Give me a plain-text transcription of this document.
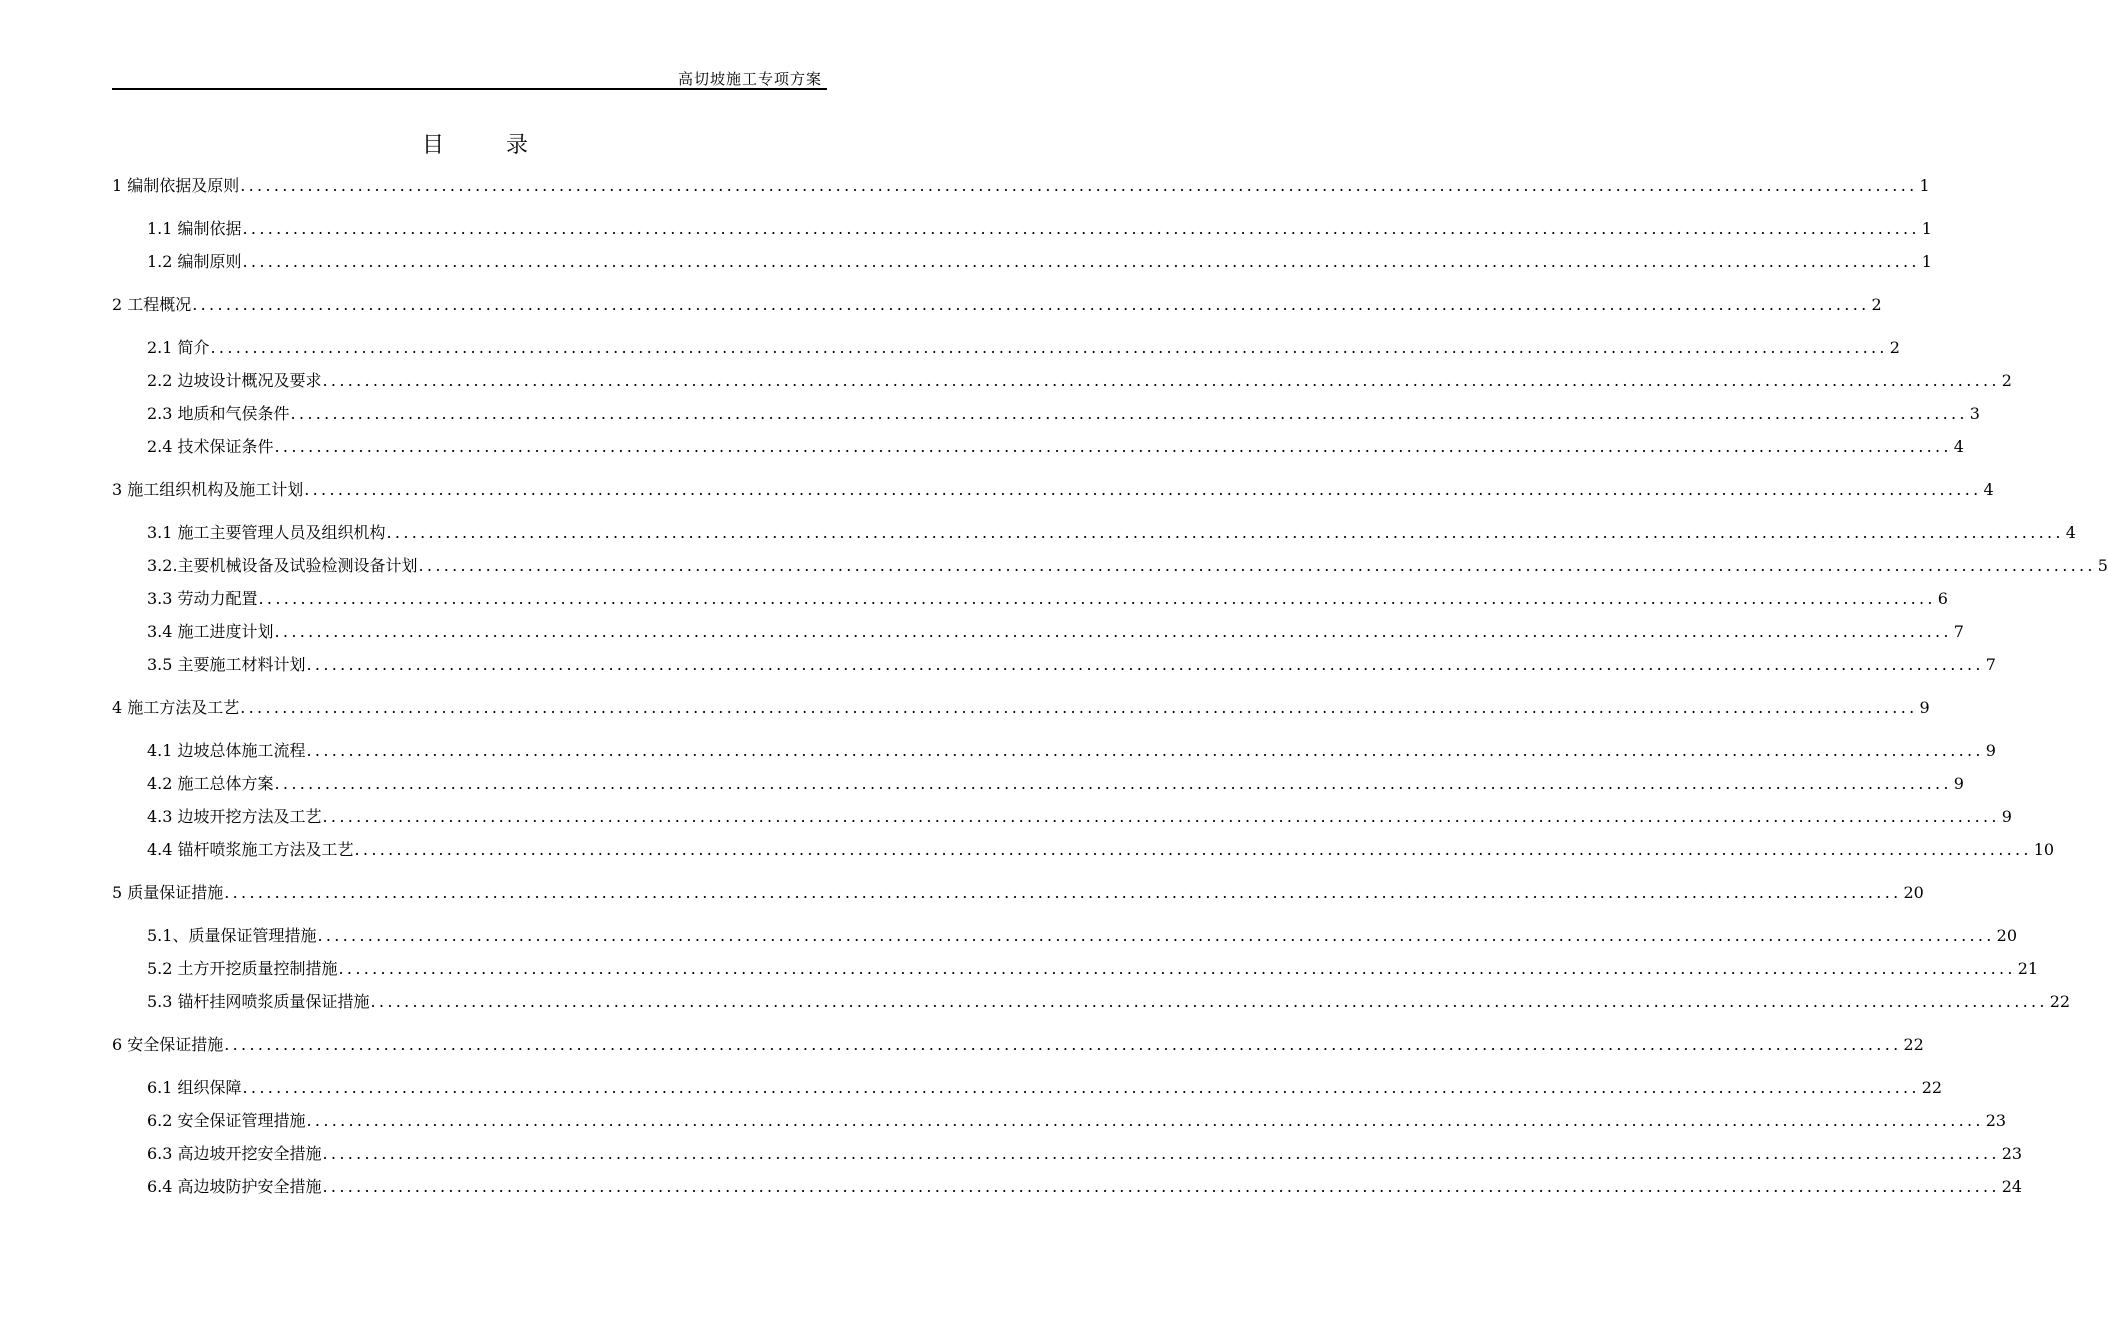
高切坡施工专项方案
目录
1 编制依据及原则 ........................................................................................................................................................................................................ 1
1.1 编制依据 ........................................................................................................................................................................................................ 1
1.2 编制原则 ........................................................................................................................................................................................................ 1
2 工程概况 ........................................................................................................................................................................................................ 2
2.1 简介 ........................................................................................................................................................................................................ 2
2.2 边坡设计概况及要求 ........................................................................................................................................................................................................ 2
2.3 地质和气侯条件 ........................................................................................................................................................................................................ 3
2.4 技术保证条件 ........................................................................................................................................................................................................ 4
3 施工组织机构及施工计划 ........................................................................................................................................................................................................ 4
3.1 施工主要管理人员及组织机构 ........................................................................................................................................................................................................ 4
3.2.主要机械设备及试验检测设备计划 ........................................................................................................................................................................................................ 5
3.3 劳动力配置 ........................................................................................................................................................................................................ 6
3.4 施工进度计划 ........................................................................................................................................................................................................ 7
3.5 主要施工材料计划 ........................................................................................................................................................................................................ 7
4 施工方法及工艺 ........................................................................................................................................................................................................ 9
4.1 边坡总体施工流程 ........................................................................................................................................................................................................ 9
4.2 施工总体方案 ........................................................................................................................................................................................................ 9
4.3 边坡开挖方法及工艺 ........................................................................................................................................................................................................ 9
4.4 锚杆喷浆施工方法及工艺 ........................................................................................................................................................................................................ 10
5 质量保证措施 ........................................................................................................................................................................................................ 20
5.1、质量保证管理措施 ........................................................................................................................................................................................................ 20
5.2 土方开挖质量控制措施 ........................................................................................................................................................................................................ 21
5.3 锚杆挂网喷浆质量保证措施 ........................................................................................................................................................................................................ 22
6 安全保证措施 ........................................................................................................................................................................................................ 22
6.1 组织保障 ........................................................................................................................................................................................................ 22
6.2 安全保证管理措施 ........................................................................................................................................................................................................ 23
6.3 高边坡开挖安全措施 ........................................................................................................................................................................................................ 23
6.4 高边坡防护安全措施 ........................................................................................................................................................................................................ 24
